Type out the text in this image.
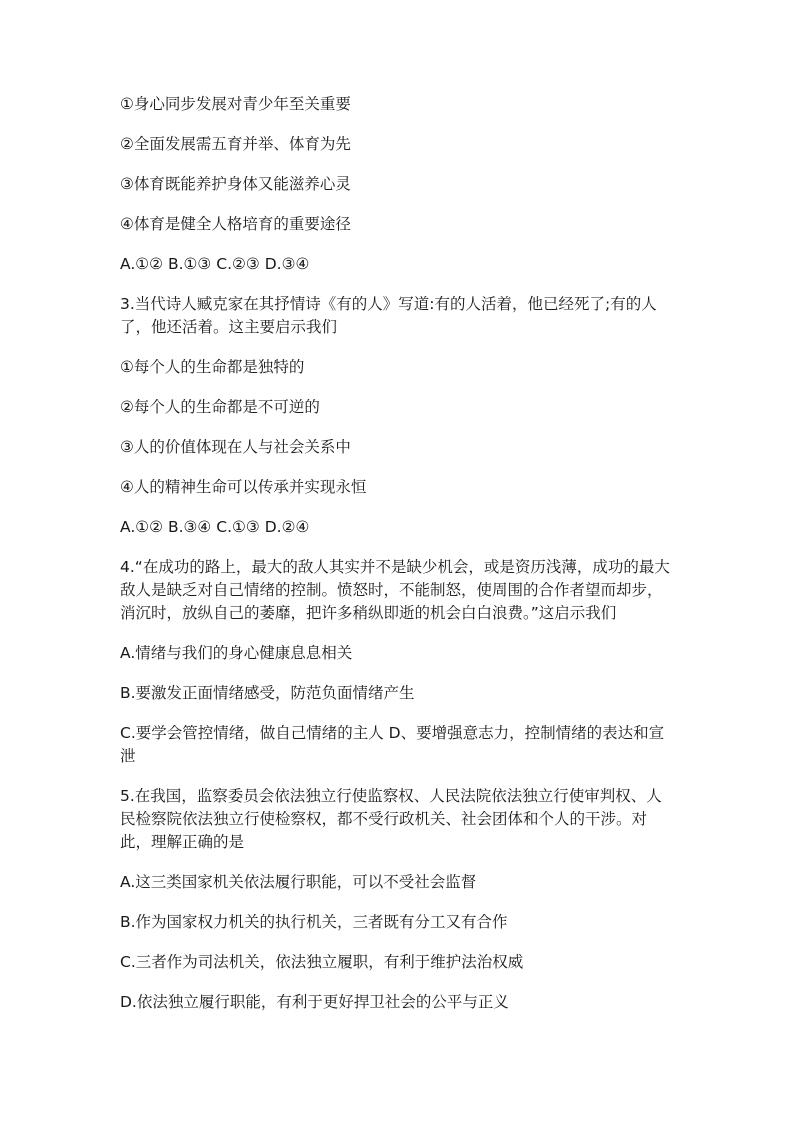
①身心同步发展对青少年至关重要

②全面发展需五育并举、体育为先

③体育既能养护身体又能滋养心灵

④体育是健全人格培育的重要途径

A.①② B.①③ C.②③ D.③④

3.当代诗人臧克家在其抒情诗《有的人》写道:有的人活着，他已经死了;有的人了，他还活着。这主要启示我们

①每个人的生命都是独特的

②每个人的生命都是不可逆的

③人的价值体现在人与社会关系中

④人的精神生命可以传承并实现永恒

A.①② B.③④ C.①③ D.②④

4.“在成功的路上，最大的敌人其实并不是缺少机会，或是资历浅薄，成功的最大敌人是缺乏对自己情绪的控制。愤怒时，不能制怒，使周围的合作者望而却步，消沉时，放纵自己的萎靡，把许多稍纵即逝的机会白白浪费。”这启示我们

A.情绪与我们的身心健康息息相关

B.要激发正面情绪感受，防范负面情绪产生

C.要学会管控情绪，做自己情绪的主人 D、要增强意志力，控制情绪的表达和宣泄

5.在我国，监察委员会依法独立行使监察权、人民法院依法独立行使审判权、人民检察院依法独立行使检察权，都不受行政机关、社会团体和个人的干涉。对此，理解正确的是

A.这三类国家机关依法履行职能，可以不受社会监督

B.作为国家权力机关的执行机关，三者既有分工又有合作

C.三者作为司法机关，依法独立履职，有利于维护法治权威

D.依法独立履行职能，有利于更好捍卫社会的公平与正义
